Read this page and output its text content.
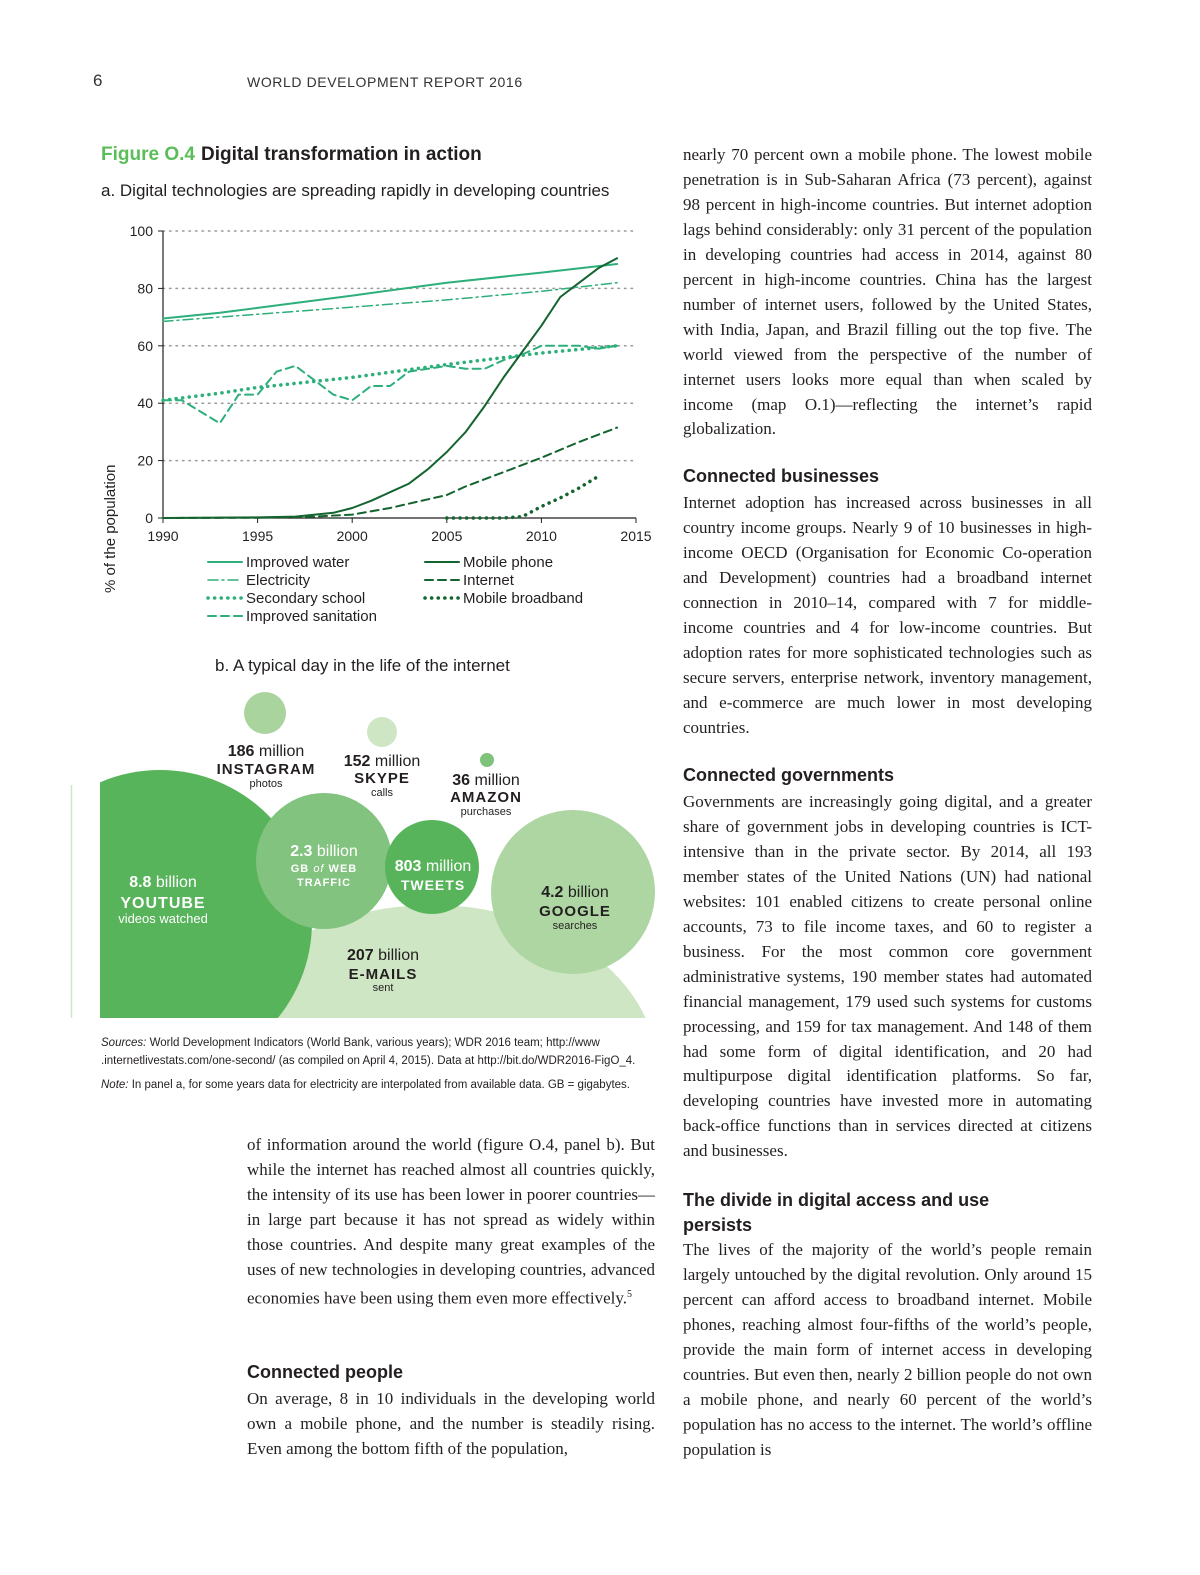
6	WORLD DEVELOPMENT REPORT 2016
Figure O.4 Digital transformation in action
a. Digital technologies are spreading rapidly in developing countries
0
20
40
60
80
100
1990	1995	2000	2005	2010	2015
% of the population	Improved water
Electricity
Secondary school
Improved sanitation
Mobile phone
Internet
Mobile broadband
b. A typical day in the life of the internet
8.8 billion
YOUTUBE
videos watched
2.3 billion
GB of WEB
TRAFFIC
803 million
TWEETS	4.2 billion
GOOGLE
searches
207 billion
E-MAILS
sent
186 million
INSTAGRAM
photos
152 million
SKYPE
calls
36 million
AMAZON
purchases
Sources: World Development Indicators (World Bank, various years); WDR 2016 team; http://www .internetlivestats.com/one-second/ (as compiled on April 4, 2015). Data at http://bit.do/WDR2016-FigO_4.
Note: In panel a, for some years data for electricity are interpolated from available data. GB = gigabytes.

of information around the world (figure O.4, panel b). But while the internet has reached almost all countries quickly, the intensity of its use has been lower in poorer countries—in large part because it has not spread as widely within those countries. And despite many great examples of the uses of new technologies in developing countries, advanced economies have been using them even more effectively.$^5$

Connected people

On average, 8 in 10 individuals in the developing world own a mobile phone, and the number is steadily rising. Even among the bottom fifth of the population,

nearly 70 percent own a mobile phone. The lowest mobile penetration is in Sub-Saharan Africa (73 percent), against 98 percent in high-income countries. But internet adoption lags behind considerably: only 31 percent of the population in developing countries had access in 2014, against 80 percent in high-income countries. China has the largest number of internet users, followed by the United States, with India, Japan, and Brazil filling out the top five. The world viewed from the perspective of the number of internet users looks more equal than when scaled by income (map O.1)—reflecting the internet’s rapid globalization.

Connected businesses

Internet adoption has increased across businesses in all country income groups. Nearly 9 of 10 businesses in high-income OECD (Organisation for Economic Co-operation and Development) countries had a broadband internet connection in 2010–14, compared with 7 for middle-income countries and 4 for low-income countries. But adoption rates for more sophisticated technologies such as secure servers, enterprise network, inventory management, and e-commerce are much lower in most developing countries.

Connected governments

Governments are increasingly going digital, and a greater share of government jobs in developing countries is ICT-intensive than in the private sector. By 2014, all 193 member states of the United Nations (UN) had national websites: 101 enabled citizens to create personal online accounts, 73 to file income taxes, and 60 to register a business. For the most common core government administrative systems, 190 member states had automated financial management, 179 used such systems for customs processing, and 159 for tax management. And 148 of them had some form of digital identification, and 20 had multipurpose digital identification platforms. So far, developing countries have invested more in automating back-office functions than in services directed at citizens and businesses.

The divide in digital access and use persists

The lives of the majority of the world’s people remain largely untouched by the digital revolution. Only around 15 percent can afford access to broadband internet. Mobile phones, reaching almost four-fifths of the world’s people, provide the main form of internet access in developing countries. But even then, nearly 2 billion people do not own a mobile phone, and nearly 60 percent of the world’s population has no access to the internet. The world’s offline population is
